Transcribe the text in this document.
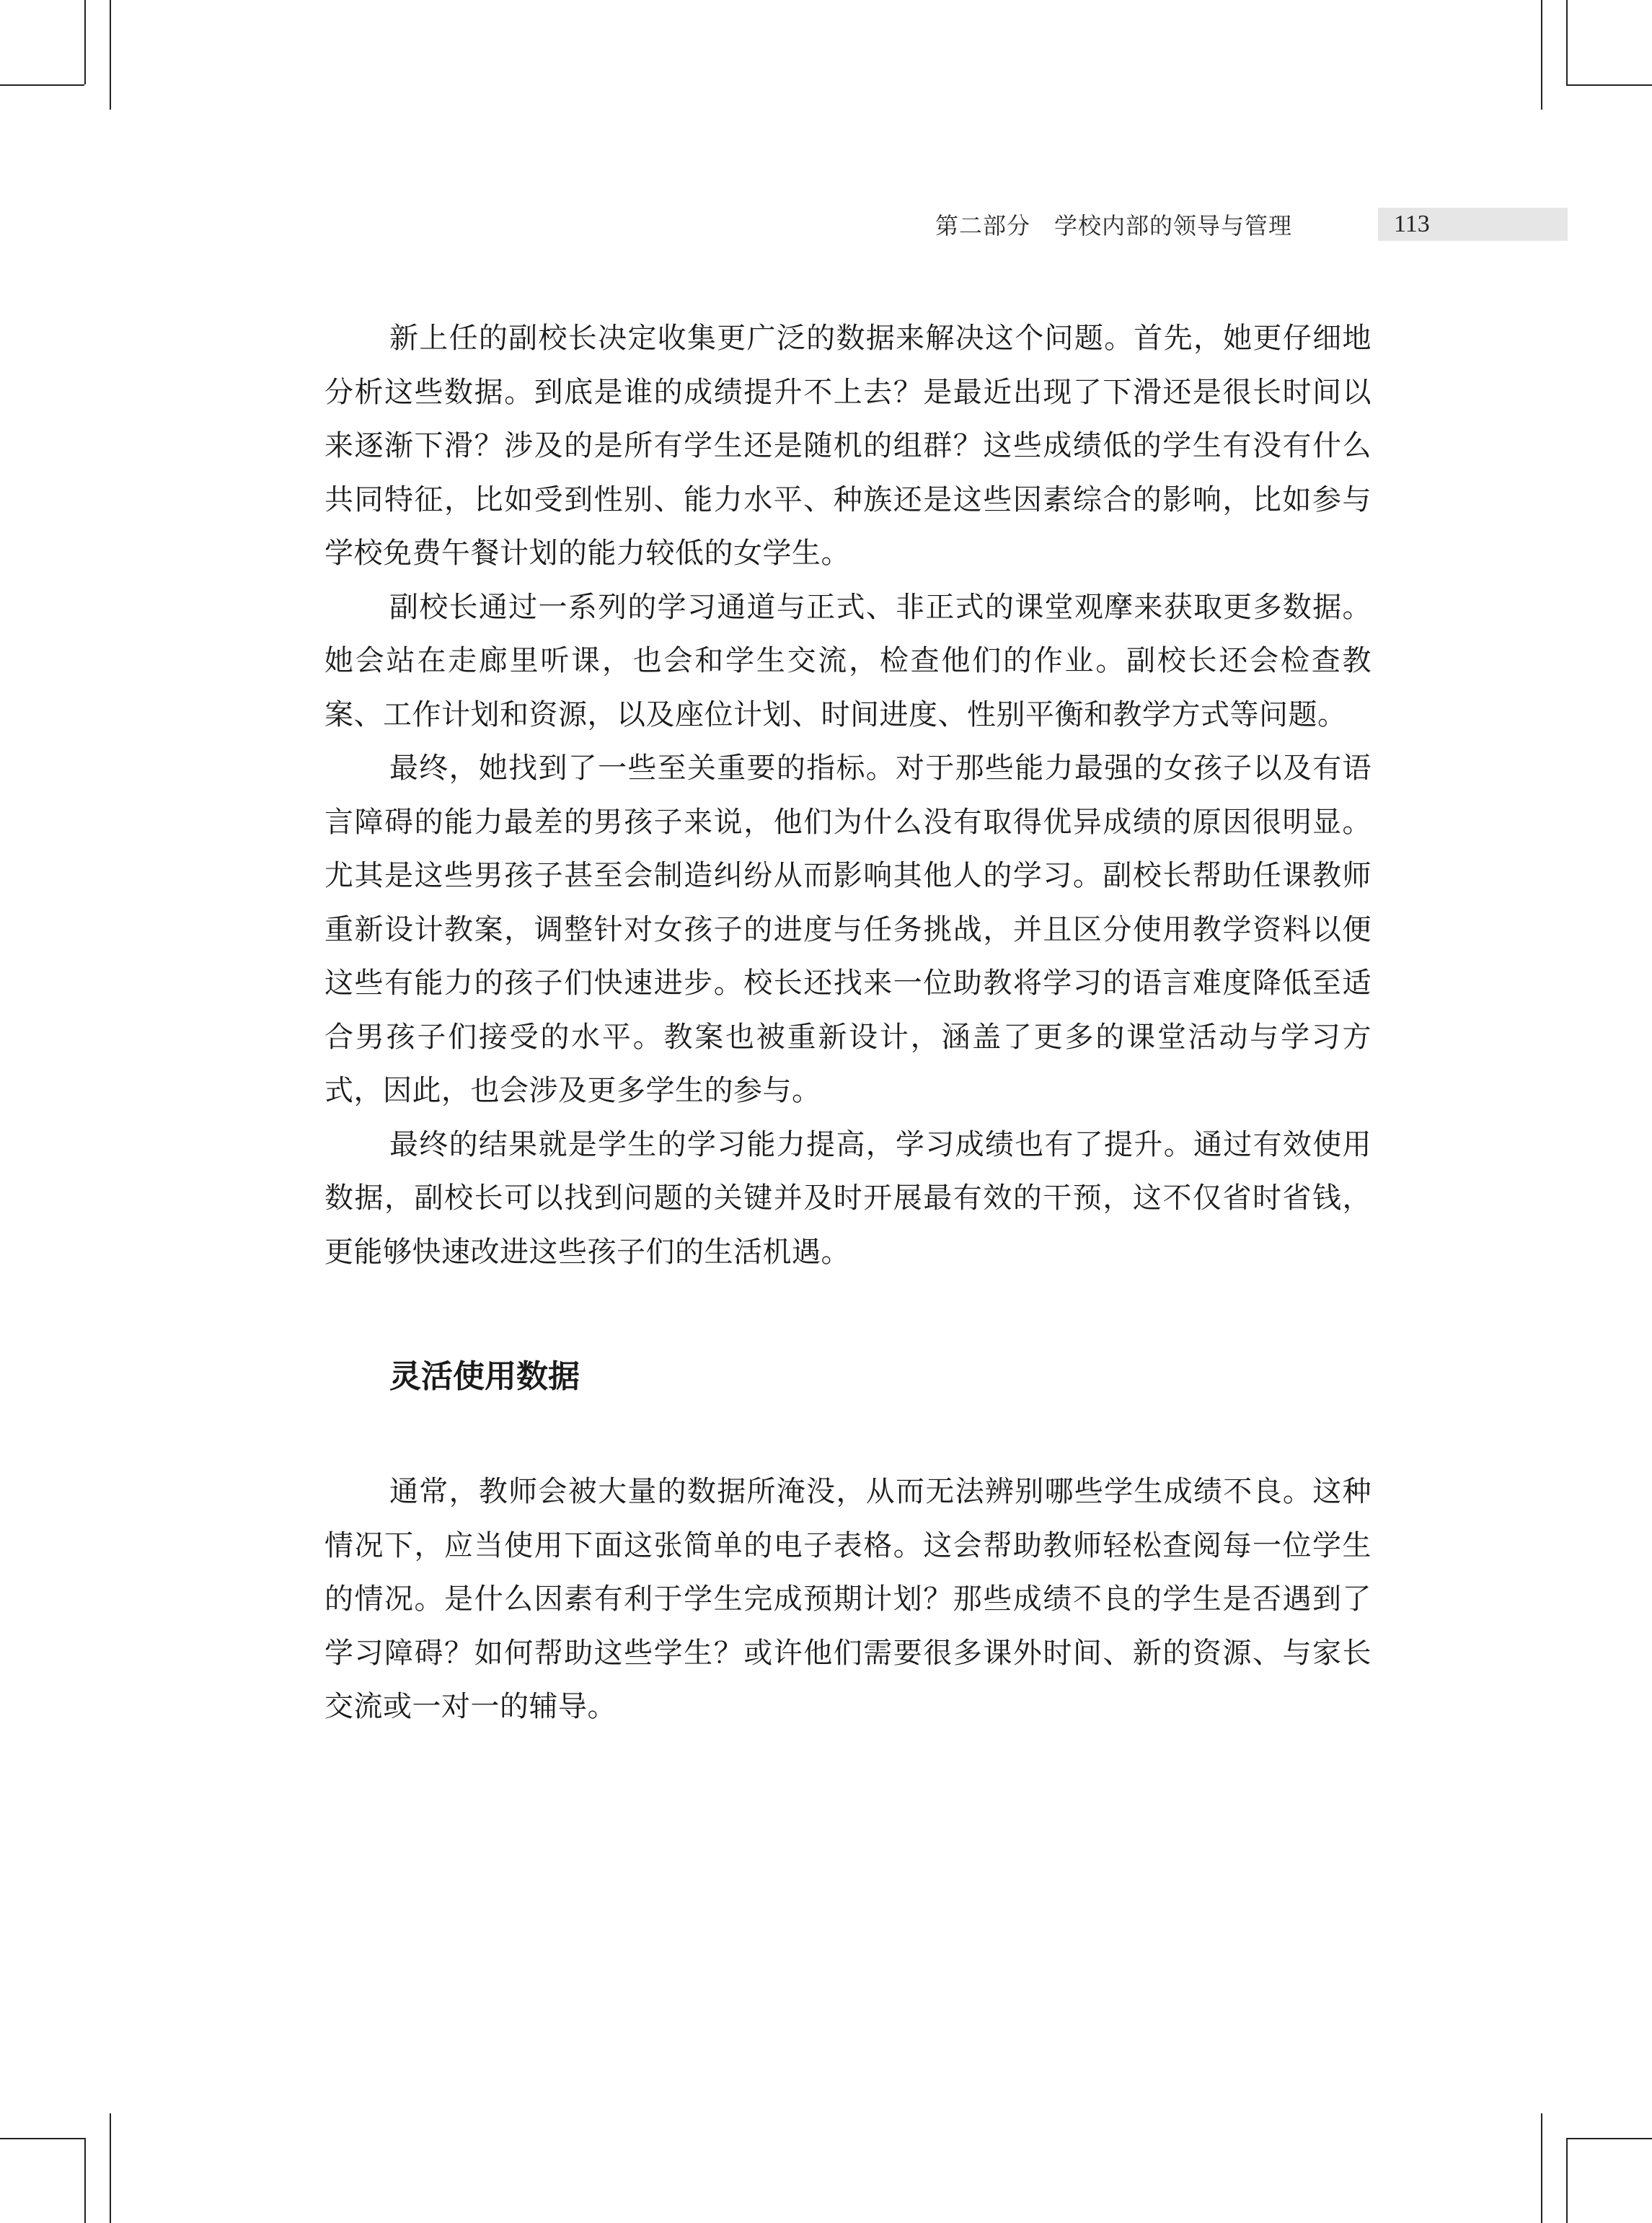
第二部分　学校内部的领导与管理	113

新上任的副校长决定收集更广泛的数据来解决这个问题。首先，她更仔细地分析这些数据。到底是谁的成绩提升不上去？是最近出现了下滑还是很长时间以来逐渐下滑？涉及的是所有学生还是随机的组群？这些成绩低的学生有没有什么共同特征，比如受到性别、能力水平、种族还是这些因素综合的影响，比如参与学校免费午餐计划的能力较低的女学生。

副校长通过一系列的学习通道与正式、非正式的课堂观摩来获取更多数据。她会站在走廊里听课，也会和学生交流，检查他们的作业。副校长还会检查教案、工作计划和资源，以及座位计划、时间进度、性别平衡和教学方式等问题。

最终，她找到了一些至关重要的指标。对于那些能力最强的女孩子以及有语言障碍的能力最差的男孩子来说，他们为什么没有取得优异成绩的原因很明显。尤其是这些男孩子甚至会制造纠纷从而影响其他人的学习。副校长帮助任课教师重新设计教案，调整针对女孩子的进度与任务挑战，并且区分使用教学资料以便这些有能力的孩子们快速进步。校长还找来一位助教将学习的语言难度降低至适合男孩子们接受的水平。教案也被重新设计，涵盖了更多的课堂活动与学习方式，因此，也会涉及更多学生的参与。

最终的结果就是学生的学习能力提高，学习成绩也有了提升。通过有效使用数据，副校长可以找到问题的关键并及时开展最有效的干预，这不仅省时省钱，更能够快速改进这些孩子们的生活机遇。

灵活使用数据

通常，教师会被大量的数据所淹没，从而无法辨别哪些学生成绩不良。这种情况下，应当使用下面这张简单的电子表格。这会帮助教师轻松查阅每一位学生的情况。是什么因素有利于学生完成预期计划？那些成绩不良的学生是否遇到了学习障碍？如何帮助这些学生？或许他们需要很多课外时间、新的资源、与家长交流或一对一的辅导。
